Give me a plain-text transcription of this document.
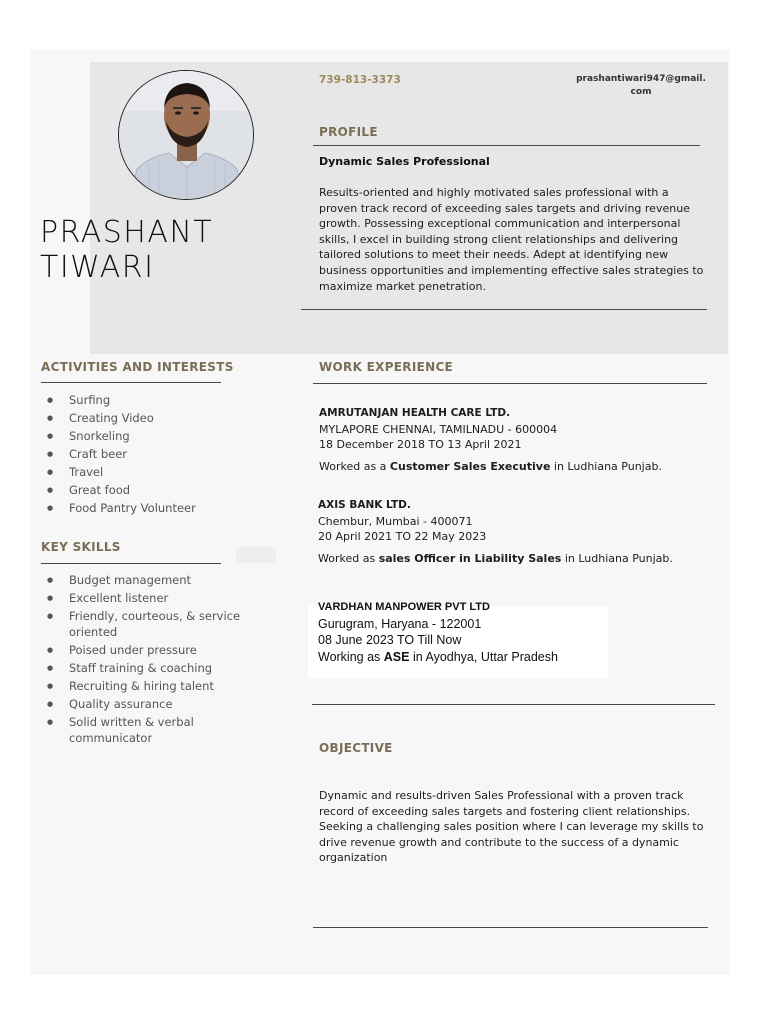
PRASHANT
TIWARI
739-813-3373	prashantiwari947@gmail.
com
PROFILE
Dynamic Sales Professional
Results-oriented and highly motivated sales professional with a proven track record of exceeding sales targets and driving revenue growth. Possessing exceptional communication and interpersonal skills, I excel in building strong client relationships and delivering tailored solutions to meet their needs. Adept at identifying new business opportunities and implementing effective sales strategies to maximize market penetration.
ACTIVITIES AND INTERESTS
● Surfing
● Creating Video
● Snorkeling
● Craft beer
● Travel
● Great food
● Food Pantry Volunteer
KEY SKILLS
● Budget management
● Excellent listener
● Friendly, courteous, & service oriented
● Poised under pressure
● Staff training & coaching
● Recruiting & hiring talent
● Quality assurance
● Solid written & verbal communicator
WORK EXPERIENCE
AMRUTANJAN HEALTH CARE LTD.
MYLAPORE CHENNAI, TAMILNADU - 600004
18 December 2018 TO 13 April 2021
Worked as a Customer Sales Executive in Ludhiana Punjab.
AXIS BANK LTD.
Chembur, Mumbai - 400071
20 April 2021 TO 22 May 2023
Worked as sales Officer in Liability Sales in Ludhiana Punjab.
VARDHAN MANPOWER PVT LTD
Gurugram, Haryana - 122001
08 June 2023 TO Till Now
Working as ASE in Ayodhya, Uttar Pradesh
OBJECTIVE
Dynamic and results-driven Sales Professional with a proven track record of exceeding sales targets and fostering client relationships. Seeking a challenging sales position where I can leverage my skills to drive revenue growth and contribute to the success of a dynamic organization
